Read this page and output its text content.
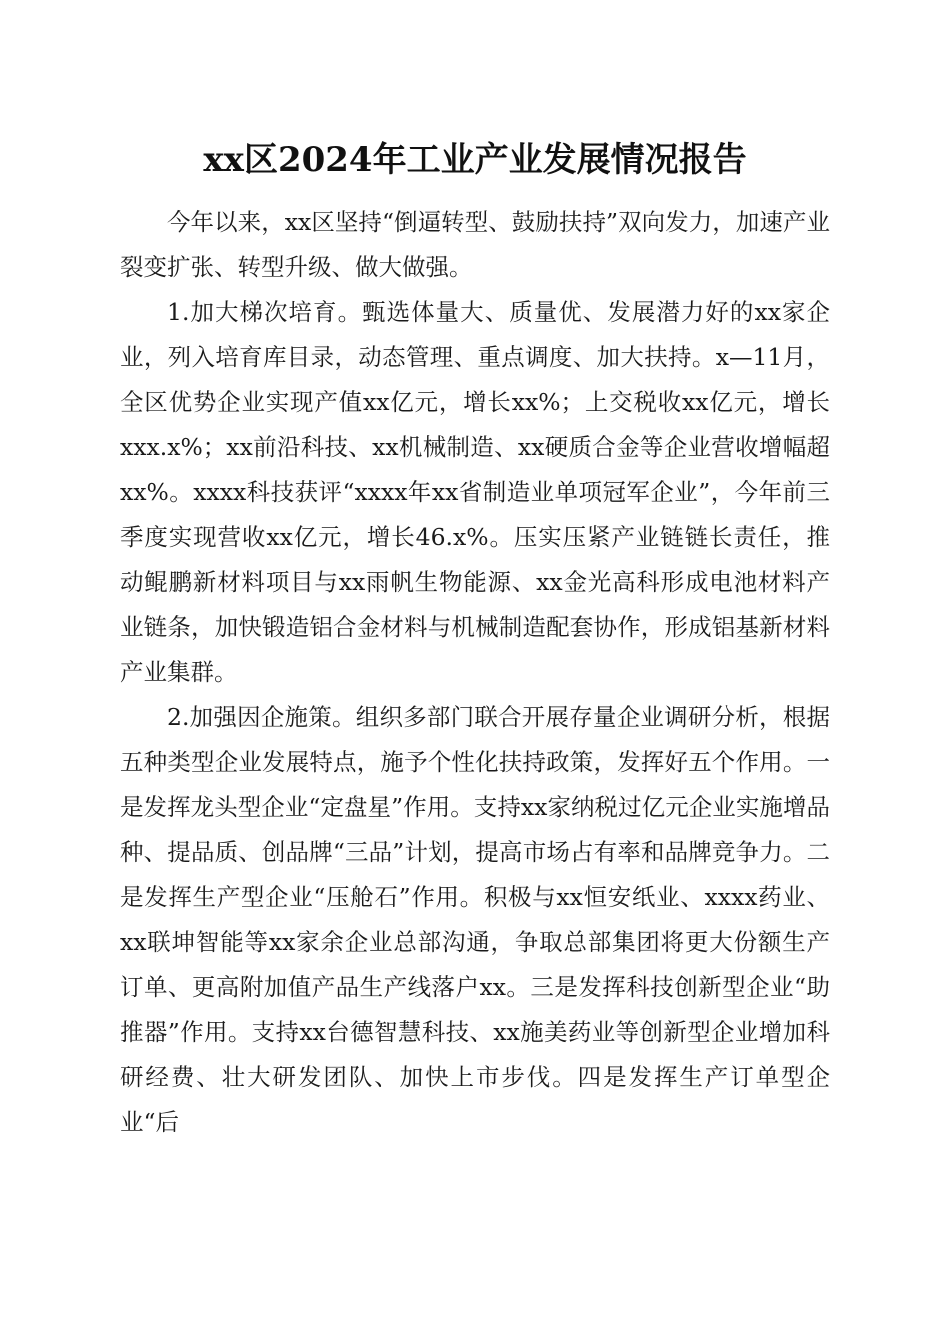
xx区2024年工业产业发展情况报告

今年以来，xx区坚持“倒逼转型、鼓励扶持”双向发力，加速产业裂变扩张、转型升级、做大做强。

1.加大梯次培育。甄选体量大、质量优、发展潜力好的xx家企业，列入培育库目录，动态管理、重点调度、加大扶持。x—11月，全区优势企业实现产值xx亿元，增长xx%；上交税收xx亿元，增长xxx.x%；xx前沿科技、xx机械制造、xx硬质合金等企业营收增幅超xx%。xxxx科技获评“xxxx年xx省制造业单项冠军企业”，今年前三季度实现营收xx亿元，增长46.x%。压实压紧产业链链长责任，推动鲲鹏新材料项目与xx雨帆生物能源、xx金光高科形成电池材料产业链条，加快锻造铝合金材料与机械制造配套协作，形成铝基新材料产业集群。

2.加强因企施策。组织多部门联合开展存量企业调研分析，根据五种类型企业发展特点，施予个性化扶持政策，发挥好五个作用。一是发挥龙头型企业“定盘星”作用。支持xx家纳税过亿元企业实施增品种、提品质、创品牌“三品”计划，提高市场占有率和品牌竞争力。二是发挥生产型企业“压舱石”作用。积极与xx恒安纸业、xxxx药业、xx联坤智能等xx家余企业总部沟通，争取总部集团将更大份额生产订单、更高附加值产品生产线落户xx。三是发挥科技创新型企业“助推器”作用。支持xx台德智慧科技、xx施美药业等创新型企业增加科研经费、壮大研发团队、加快上市步伐。四是发挥生产订单型企业“后
